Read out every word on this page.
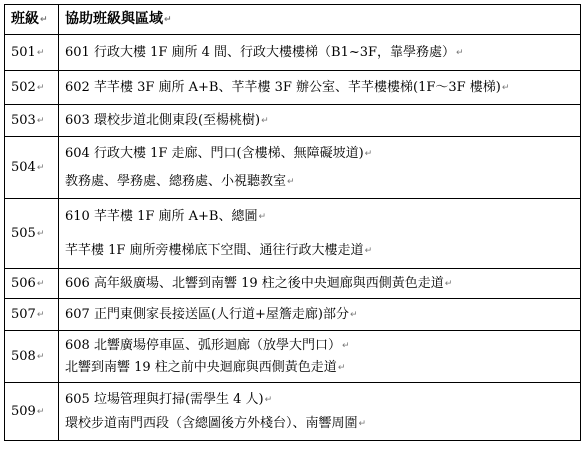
班級↵	協助班級與區域↵
501↵	601 行政大樓 1F 廁所 4 間、行政大樓樓梯（B1~3F，靠學務處）↵

502↵	602 芊芊樓 3F 廁所 A+B、芊芊樓 3F 辦公室、芊芊樓樓梯(1F～3F 樓梯)↵

503↵	603 環校步道北側東段(至楊桃樹)↵

504↵	604 行政大樓 1F 走廊、門口(含樓梯、無障礙坡道)↵
教務處、學務處、總務處、小視聽教室↵

505↵	610 芊芊樓 1F 廁所 A+B、總圖↵
芊芊樓 1F 廁所旁樓梯底下空間、通往行政大樓走道↵

506↵	606 高年級廣場、北響到南響 19 柱之後中央迴廊與西側黃色走道↵

507↵	607 正門東側家長接送區(人行道+屋簷走廊)部分↵

508↵	608 北響廣場停車區、弧形迴廊（放學大門口）↵
北響到南響 19 柱之前中央迴廊與西側黃色走道↵

509↵	605 垃場管理與打掃(需學生 4 人)↵
環校步道南門西段（含總圖後方外棧台）、南響周圍↵
